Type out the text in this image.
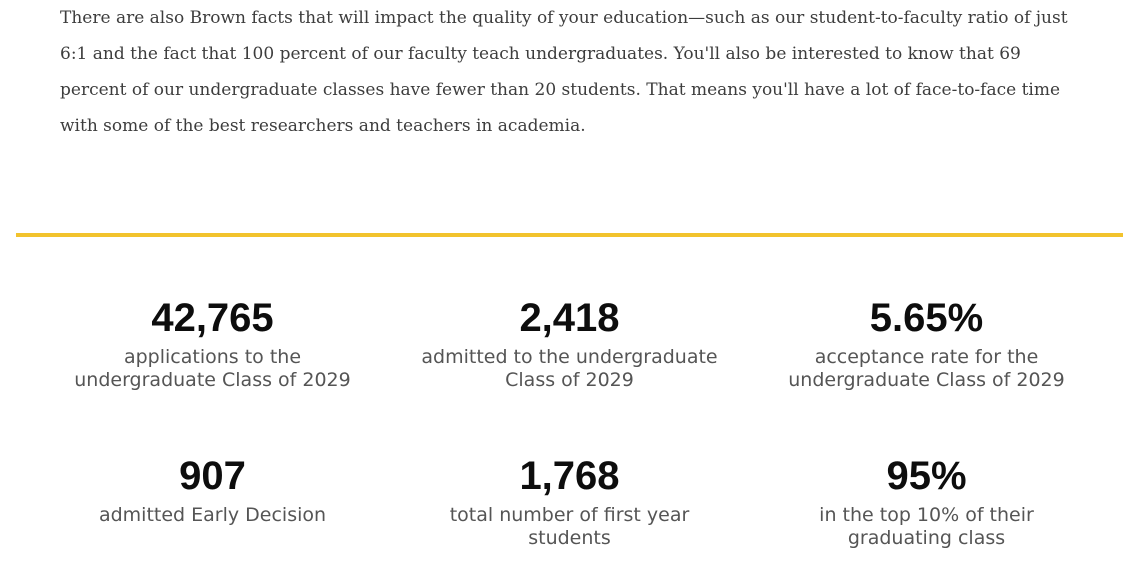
There are also Brown facts that will impact the quality of your education—such as our student-to-faculty ratio of just 6:1 and the fact that 100 percent of our faculty teach undergraduates. You'll also be interested to know that 69 percent of our undergraduate classes have fewer than 20 students. That means you'll have a lot of face-to-face time with some of the best researchers and teachers in academia.

42,765
applications to the undergraduate Class of 2029
2,418
admitted to the undergraduate Class of 2029
5.65%
acceptance rate for the undergraduate Class of 2029
907
admitted Early Decision
1,768
total number of first year students
95%
in the top 10% of their graduating class
